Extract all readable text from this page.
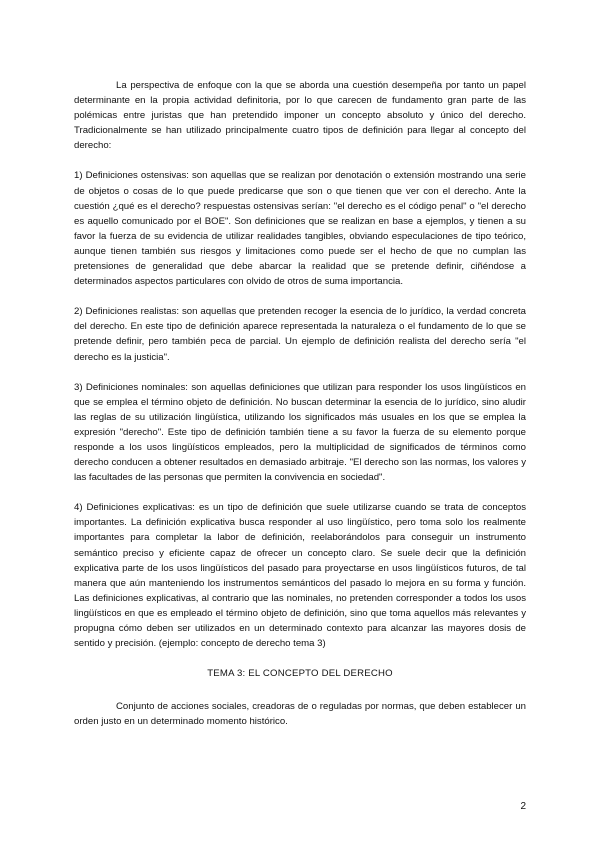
La perspectiva de enfoque con la que se aborda una cuestión desempeña por tanto un papel determinante en la propia actividad definitoria, por lo que carecen de fundamento gran parte de las polémicas entre juristas que han pretendido imponer un concepto absoluto y único del derecho. Tradicionalmente se han utilizado principalmente cuatro tipos de definición para llegar al concepto del derecho:

1) Definiciones ostensivas: son aquellas que se realizan por denotación o extensión mostrando una serie de objetos o cosas de lo que puede predicarse que son o que tienen que ver con el derecho. Ante la cuestión ¿qué es el derecho? respuestas ostensivas serían: "el derecho es el código penal" o "el derecho es aquello comunicado por el BOE". Son definiciones que se realizan en base a ejemplos, y tienen a su favor la fuerza de su evidencia de utilizar realidades tangibles, obviando especulaciones de tipo teórico, aunque tienen también sus riesgos y limitaciones como puede ser el hecho de que no cumplan las pretensiones de generalidad que debe abarcar la realidad que se pretende definir, ciñéndose a determinados aspectos particulares con olvido de otros de suma importancia.

2) Definiciones realistas: son aquellas que pretenden recoger la esencia de lo jurídico, la verdad concreta del derecho. En este tipo de definición aparece representada la naturaleza o el fundamento de lo que se pretende definir, pero también peca de parcial. Un ejemplo de definición realista del derecho sería "el derecho es la justicia".

3) Definiciones nominales: son aquellas definiciones que utilizan para responder los usos lingüísticos en que se emplea el término objeto de definición. No buscan determinar la esencia de lo jurídico, sino aludir las reglas de su utilización lingüística, utilizando los significados más usuales en los que se emplea la expresión "derecho". Este tipo de definición también tiene a su favor la fuerza de su elemento porque responde a los usos lingüísticos empleados, pero la multiplicidad de significados de términos como derecho conducen a obtener resultados en demasiado arbitraje. "El derecho son las normas, los valores y las facultades de las personas que permiten la convivencia en sociedad".

4) Definiciones explicativas: es un tipo de definición que suele utilizarse cuando se trata de conceptos importantes. La definición explicativa busca responder al uso lingüístico, pero toma solo los realmente importantes para completar la labor de definición, reelaborándolos para conseguir un instrumento semántico preciso y eficiente capaz de ofrecer un concepto claro. Se suele decir que la definición explicativa parte de los usos lingüísticos del pasado para proyectarse en usos lingüísticos futuros, de tal manera que aún manteniendo los instrumentos semánticos del pasado lo mejora en su forma y función. Las definiciones explicativas, al contrario que las nominales, no pretenden corresponder a todos los usos lingüísticos en que es empleado el término objeto de definición, sino que toma aquellos más relevantes y propugna cómo deben ser utilizados en un determinado contexto para alcanzar las mayores dosis de sentido y precisión. (ejemplo: concepto de derecho tema 3)

TEMA 3: EL CONCEPTO DEL DERECHO

Conjunto de acciones sociales, creadoras de o reguladas por normas, que deben establecer un orden justo en un determinado momento histórico.

2
